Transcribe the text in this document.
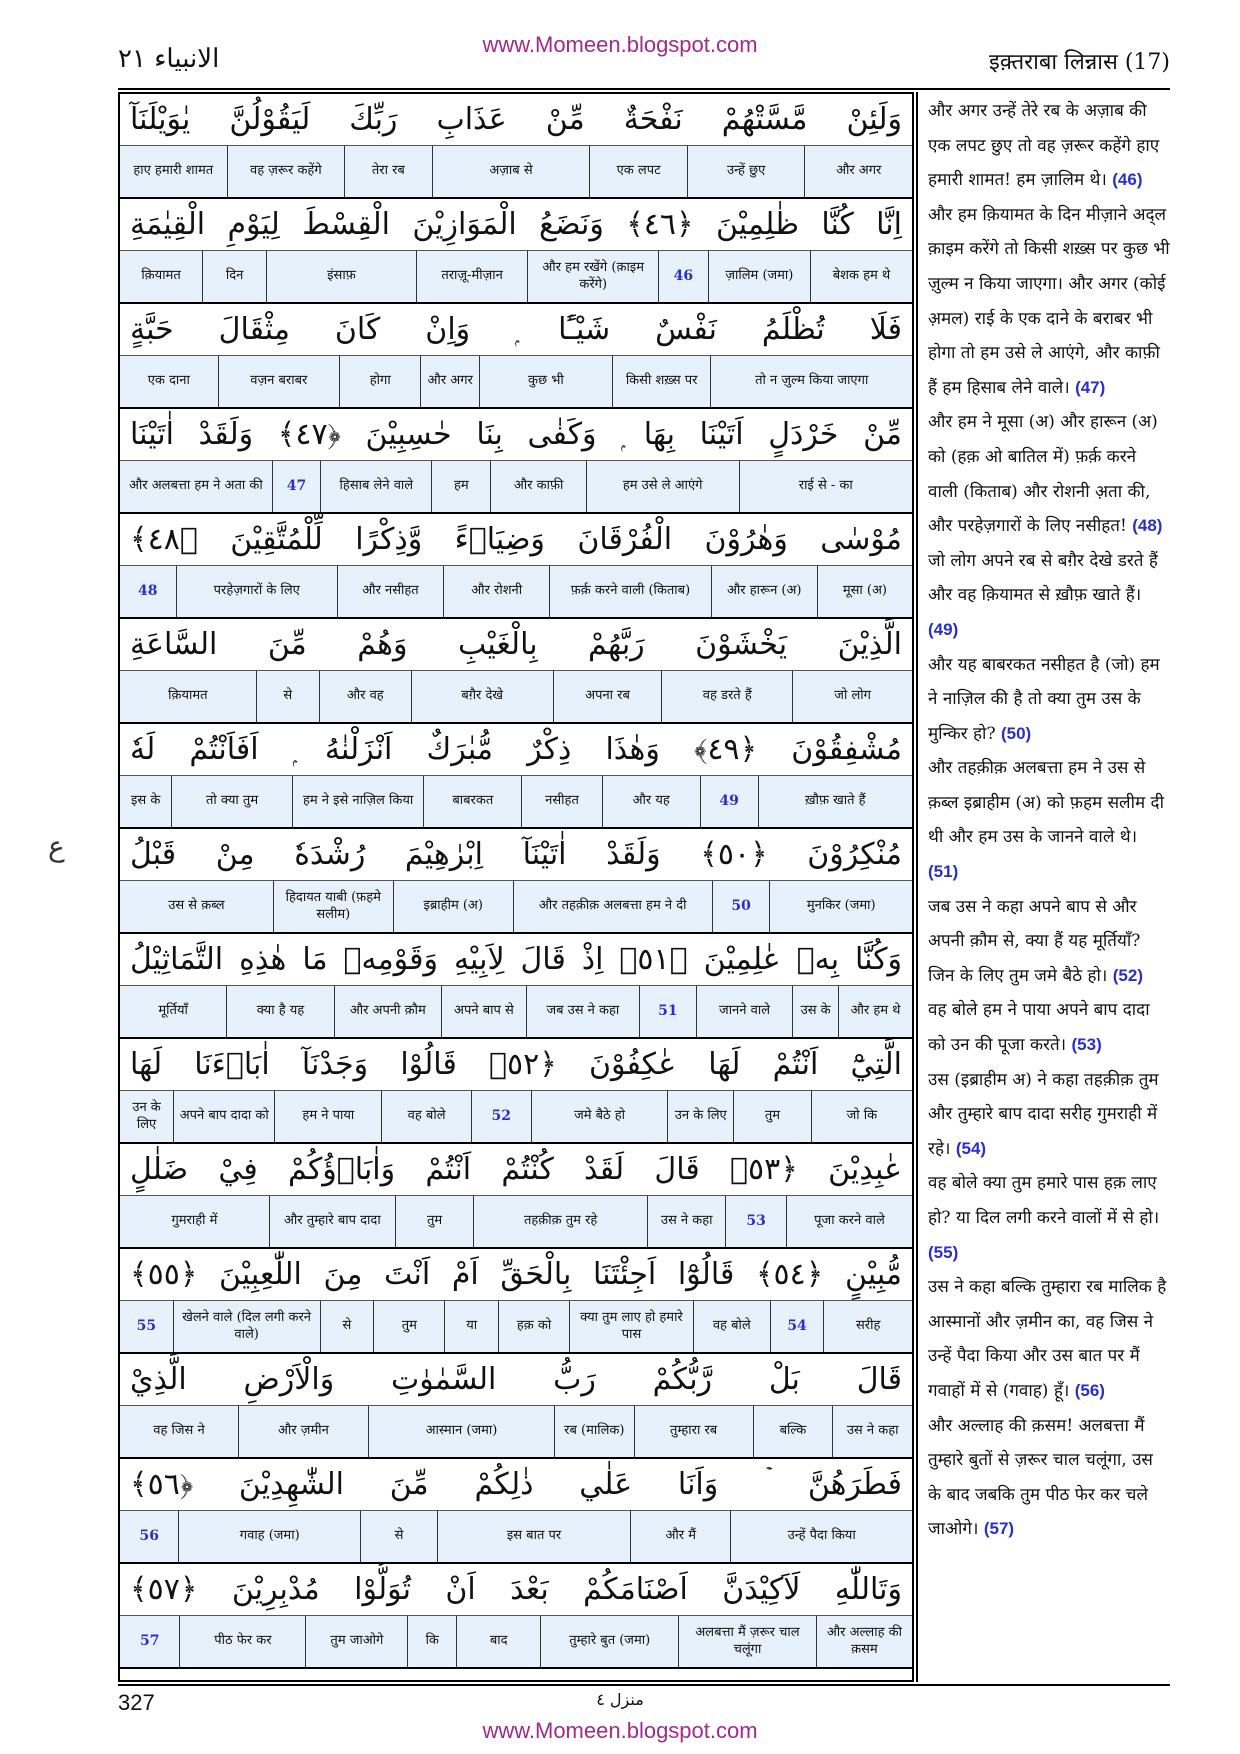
www.Momeen.blogspot.com
الانبياء ٢١	इक़्तराबा लिन्नास (17)
ع
وَلَئِنْ مَّسَّتْهُمْ نَفْحَةٌ مِّنْ عَذَابِ رَبِّكَ لَيَقُوْلُنَّ يٰوَيْلَنَآ
और अगर
उन्हें छुए
एक लपट
अज़ाब से
तेरा रब
वह ज़रूर कहेंगे
हाए हमारी शामत
اِنَّا كُنَّا ظٰلِمِيْنَ ﴿٤٦﴾ وَنَضَعُ الْمَوَازِيْنَ الْقِسْطَ لِيَوْمِ الْقِيٰمَةِ
बेशक हम थे
ज़ालिम (जमा)
46
और हम रखेंगे (क़ाइम करेंगे)
तराज़ू-मीज़ान
इंसाफ़
दिन
क़ियामत
فَلَا تُظْلَمُ نَفْسٌ شَيْـًٔا ۭ وَاِنْ كَانَ مِثْقَالَ حَبَّةٍ
तो न ज़ुल्म किया जाएगा
किसी शख़्स पर
कुछ भी
और अगर
होगा
वज़न बराबर
एक दाना
مِّنْ خَرْدَلٍ اَتَيْنَا بِهَا ۭ وَكَفٰى بِنَا حٰسِبِيْنَ ﴿٤٧﴾ وَلَقَدْ اٰتَيْنَا
राई से - का
हम उसे ले आएंगे
और काफ़ी
हम
हिसाब लेने वाले
47
और अलबत्ता हम ने अता की
مُوْسٰى وَهٰرُوْنَ الْفُرْقَانَ وَضِيَاۗءً وَّذِكْرًا لِّلْمُتَّقِيْنَ ﴿٤٨﴾
मूसा (अ)
और हारून (अ)
फ़र्क़ करने वाली (किताब)
और रोशनी
और नसीहत
परहेज़गारों के लिए
48
الَّذِيْنَ يَخْشَوْنَ رَبَّهُمْ بِالْغَيْبِ وَهُمْ مِّنَ السَّاعَةِ
जो लोग
वह डरते हैं
अपना रब
बग़ैर देखे
और वह
से
क़ियामत
مُشْفِقُوْنَ ﴿٤٩﴾ وَهٰذَا ذِكْرٌ مُّبٰرَكٌ اَنْزَلْنٰهُ ۭ اَفَاَنْتُمْ لَهٗ
ख़ौफ़ खाते हैं
49
और यह
नसीहत
बाबरकत
हम ने इसे नाज़िल किया
तो क्या तुम
इस के
مُنْكِرُوْنَ ﴿٥٠﴾ وَلَقَدْ اٰتَيْنَآ اِبْرٰهِيْمَ رُشْدَهٗ مِنْ قَبْلُ
मुनकिर (जमा)
50
और तहक़ीक़ अलबत्ता हम ने दी
इब्राहीम (अ)
हिदायत याबी (फ़हमे सलीम)
उस से क़ब्ल
وَكُنَّا بِهٖ عٰلِمِيْنَ ﴿٥١﴾ اِذْ قَالَ لِاَبِيْهِ وَقَوْمِهٖ مَا هٰذِهِ التَّمَاثِيْلُ
और हम थे
उस के
जानने वाले
51
जब उस ने कहा
अपने बाप से
और अपनी क़ौम
क्या है यह
मूर्तियाँ
الَّتِيْٓ اَنْتُمْ لَهَا عٰكِفُوْنَ ﴿٥٢﴾ قَالُوْا وَجَدْنَآ اٰبَاۗءَنَا لَهَا
जो कि
तुम
उन के लिए
जमे बैठे हो
52
वह बोले
हम ने पाया
अपने बाप दादा को
उन के लिए
عٰبِدِيْنَ ﴿٥٣﴾ قَالَ لَقَدْ كُنْتُمْ اَنْتُمْ وَاٰبَاۗؤُكُمْ فِيْ ضَلٰلٍ
पूजा करने वाले
53
उस ने कहा
तहक़ीक़ तुम रहे
तुम
और तुम्हारे बाप दादा
गुमराही में
مُّبِيْنٍ ﴿٥٤﴾ قَالُوْٓا اَجِئْتَنَا بِالْحَقِّ اَمْ اَنْتَ مِنَ اللّٰعِبِيْنَ ﴿٥٥﴾
सरीह
54
वह बोले
क्या तुम लाए हो हमारे पास
हक़ को
या
तुम
से
खेलने वाले (दिल लगी करने वाले)
55
قَالَ بَلْ رَّبُّكُمْ رَبُّ السَّمٰوٰتِ وَالْاَرْضِ الَّذِيْ
उस ने कहा
बल्कि
तुम्हारा रब
रब (मालिक)
आस्मान (जमा)
और ज़मीन
वह जिस ने
فَطَرَهُنَّ ۡ وَاَنَا عَلٰي ذٰلِكُمْ مِّنَ الشّٰهِدِيْنَ ﴿٥٦﴾
उन्हें पैदा किया
और मैं
इस बात पर
से
गवाह (जमा)
56
وَتَاللّٰهِ لَاَكِيْدَنَّ اَصْنَامَكُمْ بَعْدَ اَنْ تُوَلُّوْا مُدْبِرِيْنَ ﴿٥٧﴾
और अल्लाह की क़सम
अलबत्ता मैं ज़रूर चाल चलूंगा
तुम्हारे बुत (जमा)
बाद
कि
तुम जाओगे
पीठ फेर कर
57
और अगर उन्हें तेरे रब के अज़ाब की एक लपट छुए तो वह ज़रूर कहेंगे हाए हमारी शामत! हम ज़ालिम थे। (46)
और हम क़ियामत के दिन मीज़ाने अद्ल क़ाइम करेंगे तो किसी शख़्स पर कुछ भी ज़ुल्म न किया जाएगा। और अगर (कोई अ़मल) राई के एक दाने के बराबर भी होगा तो हम उसे ले आएंगे, और काफ़ी हैं हम हिसाब लेने वाले। (47)
और हम ने मूसा (अ) और हारून (अ) को (हक़ ओ बातिल में) फ़र्क़ करने वाली (किताब) और रोशनी अ़ता की, और परहेज़गारों के लिए नसीहत! (48)
जो लोग अपने रब से बग़ैर देखे डरते हैं और वह क़ियामत से ख़ौफ़ खाते हैं। (49)
और यह बाबरकत नसीहत है (जो) हम ने नाज़िल की है तो क्या तुम उस के मुन्किर हो? (50)
और तहक़ीक़ अलबत्ता हम ने उस से क़ब्ल इब्राहीम (अ) को फ़हम सलीम दी थी और हम उस के जानने वाले थे। (51)
जब उस ने कहा अपने बाप से और अपनी क़ौम से, क्या हैं यह मूर्तियाँ? जिन के लिए तुम जमे बैठे हो। (52)
वह बोले हम ने पाया अपने बाप दादा को उन की पूजा करते। (53)
उस (इब्राहीम अ) ने कहा तहक़ीक़ तुम और तुम्हारे बाप दादा सरीह गुमराही में रहे। (54)
वह बोले क्या तुम हमारे पास हक़ लाए हो? या दिल लगी करने वालों में से हो। (55)
उस ने कहा बल्कि तुम्हारा रब मालिक है आस्मानों और ज़मीन का, वह जिस ने उन्हें पैदा किया और उस बात पर मैं गवाहों में से (गवाह) हूँ। (56)
और अल्लाह की क़सम! अलबत्ता मैं तुम्हारे बुतों से ज़रूर चाल चलूंगा, उस के बाद जबकि तुम पीठ फेर कर चले जाओगे। (57)

327	منزل ٤
www.Momeen.blogspot.com
